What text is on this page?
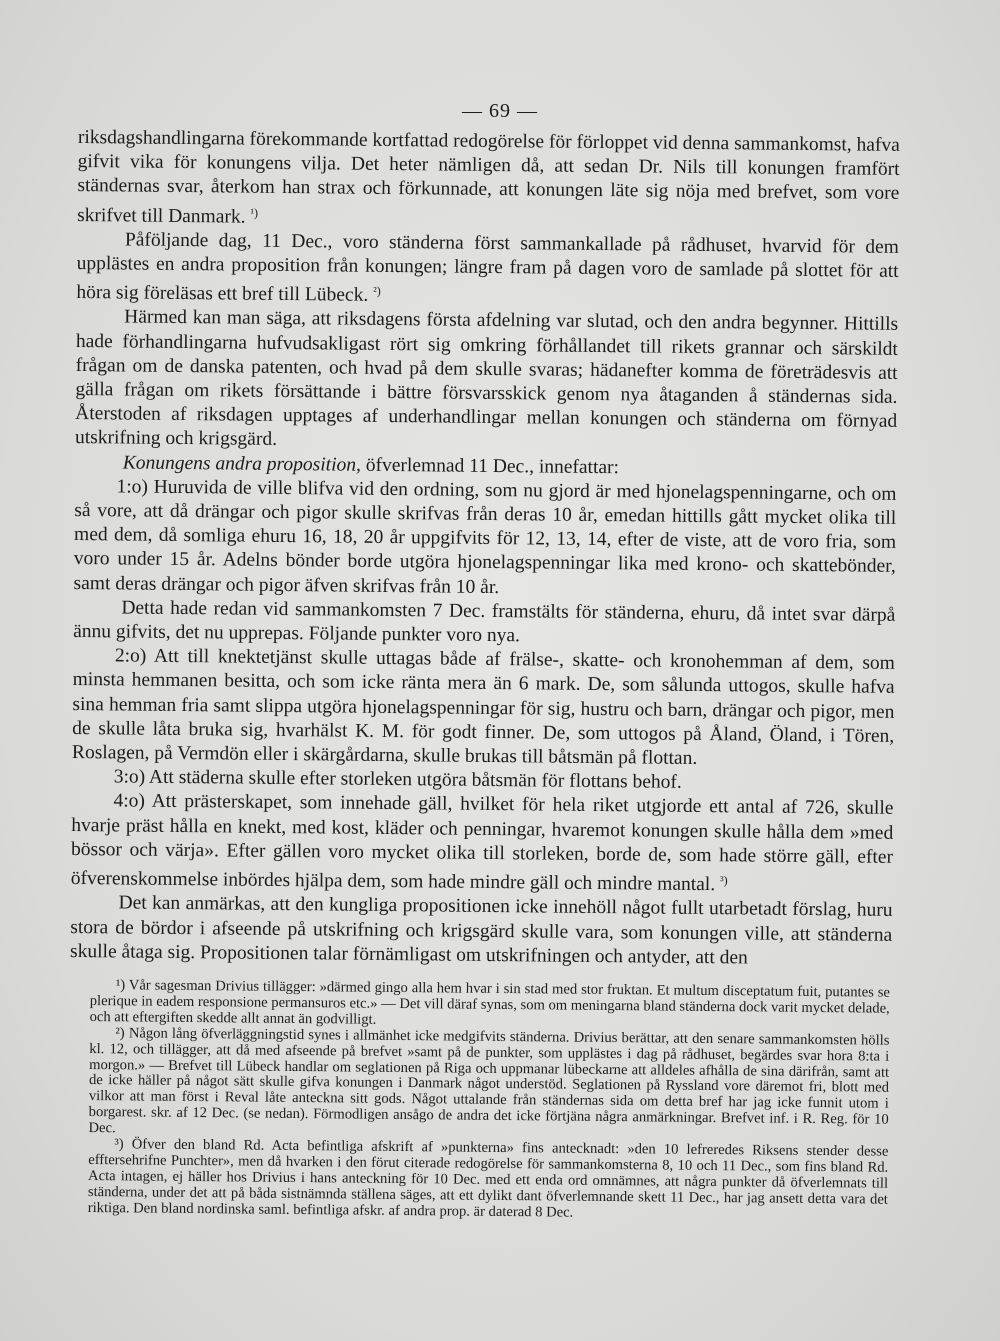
— 69 —

riksdagshandlingarna förekommande kortfattad redogörelse för förloppet vid denna sammankomst, hafva gifvit vika för konungens vilja. Det heter nämligen då, att sedan Dr. Nils till konungen framfört ständernas svar, återkom han strax och förkunnade, att konungen läte sig nöja med brefvet, som vore skrifvet till Danmark. $^{^1)}$

Påföljande dag, 11 Dec., voro ständerna först sammankallade på rådhuset, hvarvid för dem upplästes en andra proposition från konungen; längre fram på dagen voro de samlade på slottet för att höra sig föreläsas ett bref till Lübeck. $^{^2)}$

Härmed kan man säga, att riksdagens första afdelning var slutad, och den andra begynner. Hittills hade förhandlingarna hufvudsakligast rört sig omkring förhållandet till rikets grannar och särskildt frågan om de danska patenten, och hvad på dem skulle svaras; hädanefter komma de företrädesvis att gälla frågan om rikets försättande i bättre försvarsskick genom nya åtaganden å ständernas sida. Återstoden af riksdagen upptages af underhandlingar mellan konungen och ständerna om förnyad utskrifning och krigsgärd.

Konungens andra proposition, öfverlemnad 11 Dec., innefattar:

1:o) Huruvida de ville blifva vid den ordning, som nu gjord är med hjonelagspenningarne, och om så vore, att då drängar och pigor skulle skrifvas från deras 10 år, emedan hittills gått mycket olika till med dem, då somliga ehuru 16, 18, 20 år uppgifvits för 12, 13, 14, efter de viste, att de voro fria, som voro under 15 år. Adelns bönder borde utgöra hjonelagspenningar lika med krono- och skattebönder, samt deras drängar och pigor äfven skrifvas från 10 år.

Detta hade redan vid sammankomsten 7 Dec. framstälts för ständerna, ehuru, då intet svar därpå ännu gifvits, det nu upprepas. Följande punkter voro nya.

2:o) Att till knektetjänst skulle uttagas både af frälse-, skatte- och kronohemman af dem, som minsta hemmanen besitta, och som icke ränta mera än 6 mark. De, som sålunda uttogos, skulle hafva sina hemman fria samt slippa utgöra hjonelagspenningar för sig, hustru och barn, drängar och pigor, men de skulle låta bruka sig, hvarhälst K. M. för godt finner. De, som uttogos på Åland, Öland, i Tören, Roslagen, på Vermdön eller i skärgårdarna, skulle brukas till båtsmän på flottan.

3:o) Att städerna skulle efter storleken utgöra båtsmän för flottans behof.

4:o) Att prästerskapet, som innehade gäll, hvilket för hela riket utgjorde ett antal af 726, skulle hvarje präst hålla en knekt, med kost, kläder och penningar, hvaremot konungen skulle hålla dem »med bössor och värja». Efter gällen voro mycket olika till storleken, borde de, som hade större gäll, efter öfverenskommelse inbördes hjälpa dem, som hade mindre gäll och mindre mantal. $^{^3)}$

Det kan anmärkas, att den kungliga propositionen icke innehöll något fullt utarbetadt förslag, huru stora de bördor i afseende på utskrifning och krigsgärd skulle vara, som konungen ville, att ständerna skulle åtaga sig. Propositionen talar förnämligast om utskrifningen och antyder, att den

¹) Vår sagesman Drivius tillägger: »därmed gingo alla hem hvar i sin stad med stor fruktan. Et multum disceptatum fuit, putantes se plerique in eadem responsione permansuros etc.» — Det vill däraf synas, som om meningarna bland ständerna dock varit mycket delade, och att eftergiften skedde allt annat än godvilligt.

²) Någon lång öfverläggningstid synes i allmänhet icke medgifvits ständerna. Drivius berättar, att den senare sammankomsten hölls kl. 12, och tillägger, att då med afseende på brefvet »samt på de punkter, som upplästes i dag på rådhuset, begärdes svar hora 8:ta i morgon.» — Brefvet till Lübeck handlar om seglationen på Riga och uppmanar lübeckarne att alldeles afhålla de sina därifrån, samt att de icke häller på något sätt skulle gifva konungen i Danmark något understöd. Seglationen på Ryssland vore däremot fri, blott med vilkor att man först i Reval låte anteckna sitt gods. Något uttalande från ständernas sida om detta bref har jag icke funnit utom i borgarest. skr. af 12 Dec. (se nedan). Förmodligen ansågo de andra det icke förtjäna några anmärkningar. Brefvet inf. i R. Reg. för 10 Dec.

³) Öfver den bland Rd. Acta befintliga afskrift af »punkterna» fins antecknadt: »den 10 lefreredes Riksens stender desse efftersehrifne Punchter», men då hvarken i den förut citerade redogörelse för sammankomsterna 8, 10 och 11 Dec., som fins bland Rd. Acta intagen, ej häller hos Drivius i hans anteckning för 10 Dec. med ett enda ord omnämnes, att några punkter då öfverlemnats till ständerna, under det att på båda sistnämnda ställena säges, att ett dylikt dant öfverlemnande skett 11 Dec., har jag ansett detta vara det riktiga. Den bland nordinska saml. befintliga afskr. af andra prop. är daterad 8 Dec.
